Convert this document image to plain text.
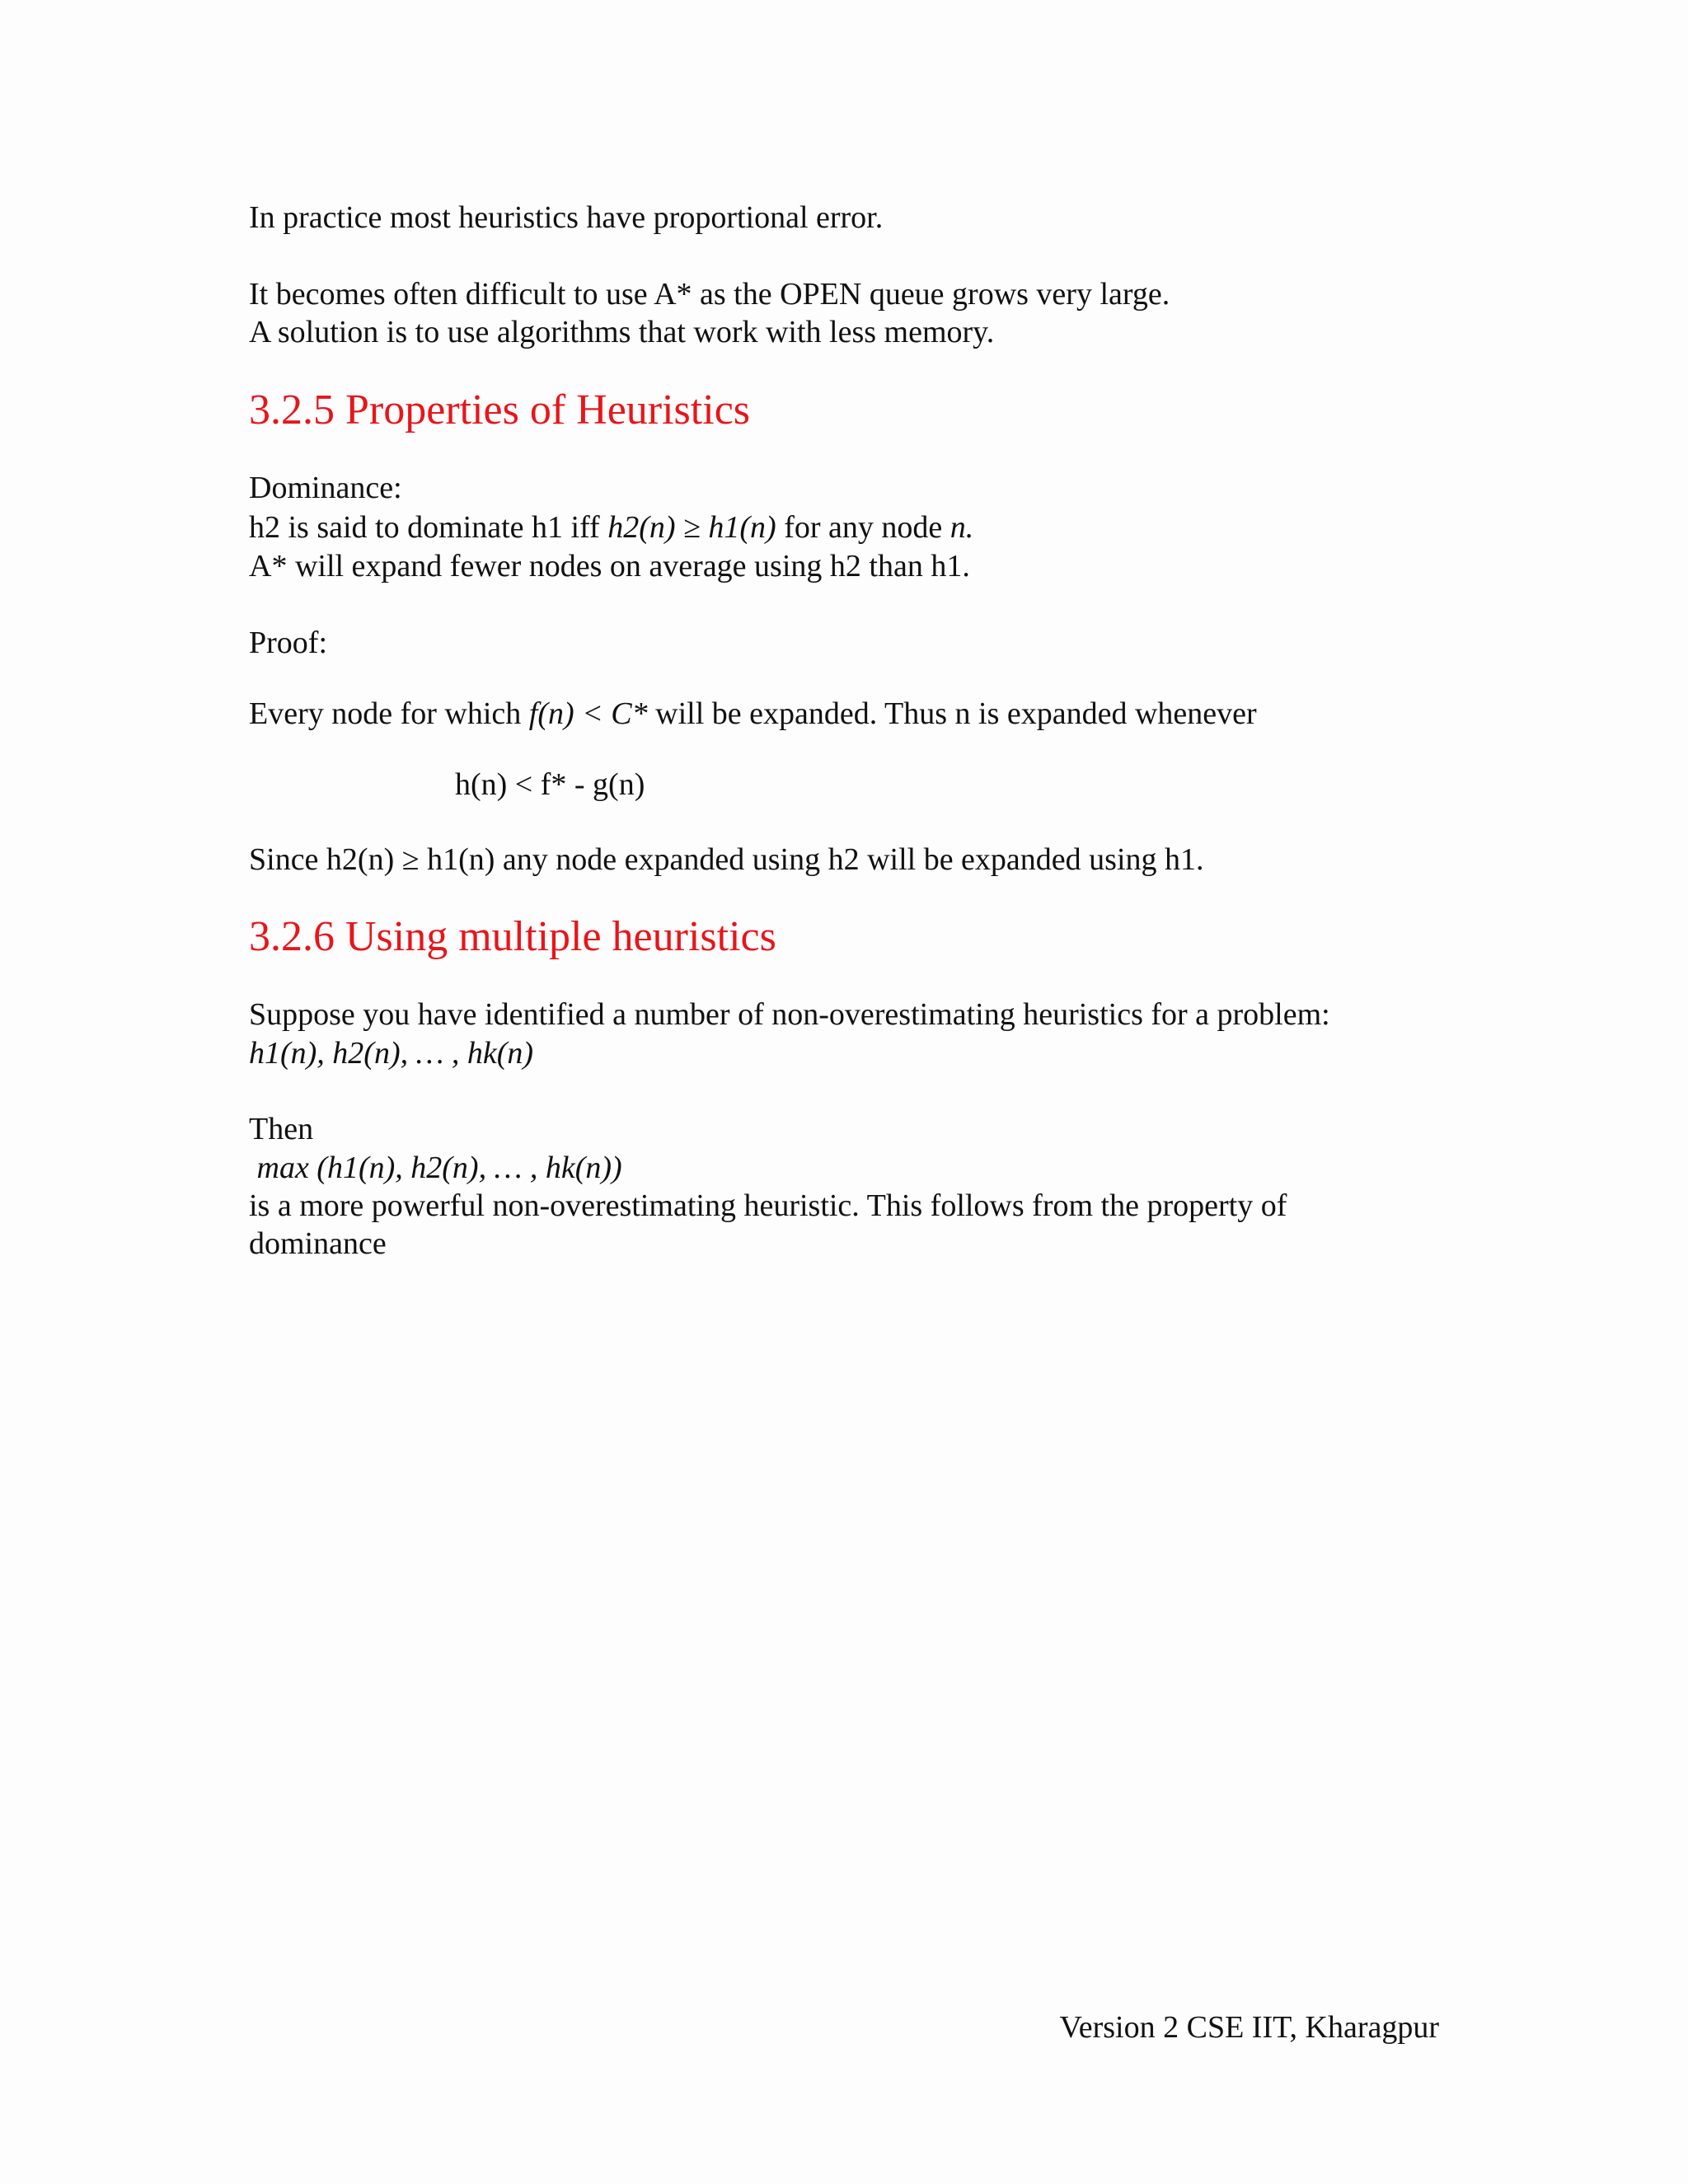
In practice most heuristics have proportional error.
It becomes often difficult to use A* as the OPEN queue grows very large.
A solution is to use algorithms that work with less memory.
3.2.5 Properties of Heuristics
Dominance:
h2 is said to dominate h1 iff h2(n) ≥ h1(n) for any node n.
A* will expand fewer nodes on average using h2 than h1.
Proof:
Every node for which f(n) < C* will be expanded. Thus n is expanded whenever
h(n) < f* - g(n)
Since h2(n) ≥ h1(n) any node expanded using h2 will be expanded using h1.
3.2.6 Using multiple heuristics
Suppose you have identified a number of non-overestimating heuristics for a problem:
h1(n), h2(n), … , hk(n)
Then
max (h1(n), h2(n), … , hk(n))
is a more powerful non-overestimating heuristic. This follows from the property of
dominance
Version 2 CSE IIT, Kharagpur
